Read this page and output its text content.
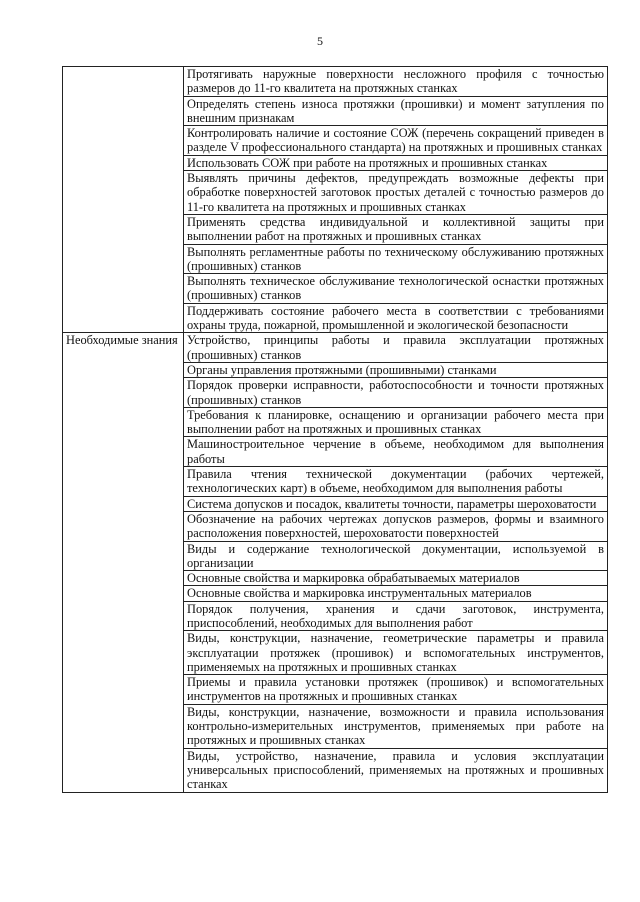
5
	Протягивать наружные поверхности несложного профиля с точностью размеров до 11-го квалитета на протяжных станках
	Определять степень износа протяжки (прошивки) и момент затупления по внешним признакам
	Контролировать наличие и состояние СОЖ (перечень сокращений приведен в разделе V профессионального стандарта) на протяжных и прошивных станках
	Использовать СОЖ при работе на протяжных и прошивных станках
	Выявлять причины дефектов, предупреждать возможные дефекты при обработке поверхностей заготовок простых деталей с точностью размеров до 11-го квалитета на протяжных и прошивных станках
	Применять средства индивидуальной и коллективной защиты при выполнении работ на протяжных и прошивных станках
	Выполнять регламентные работы по техническому обслуживанию протяжных (прошивных) станков
	Выполнять техническое обслуживание технологической оснастки протяжных (прошивных) станков
	Поддерживать состояние рабочего места в соответствии с требованиями охраны труда, пожарной, промышленной и экологической безопасности
Необходимые знания	Устройство, принципы работы и правила эксплуатации протяжных (прошивных) станков
	Органы управления протяжными (прошивными) станками
	Порядок проверки исправности, работоспособности и точности протяжных (прошивных) станков
	Требования к планировке, оснащению и организации рабочего места при выполнении работ на протяжных и прошивных станках
	Машиностроительное черчение в объеме, необходимом для выполнения работы
	Правила чтения технической документации (рабочих чертежей, технологических карт) в объеме, необходимом для выполнения работы
	Система допусков и посадок, квалитеты точности, параметры шероховатости
	Обозначение на рабочих чертежах допусков размеров, формы и взаимного расположения поверхностей, шероховатости поверхностей
	Виды и содержание технологической документации, используемой в организации
	Основные свойства и маркировка обрабатываемых материалов
	Основные свойства и маркировка инструментальных материалов
	Порядок получения, хранения и сдачи заготовок, инструмента, приспособлений, необходимых для выполнения работ
	Виды, конструкции, назначение, геометрические параметры и правила эксплуатации протяжек (прошивок) и вспомогательных инструментов, применяемых на протяжных и прошивных станках
	Приемы и правила установки протяжек (прошивок) и вспомогательных инструментов на протяжных и прошивных станках
	Виды, конструкции, назначение, возможности и правила использования контрольно-измерительных инструментов, применяемых при работе на протяжных и прошивных станках
	Виды, устройство, назначение, правила и условия эксплуатации универсальных приспособлений, применяемых на протяжных и прошивных станках
